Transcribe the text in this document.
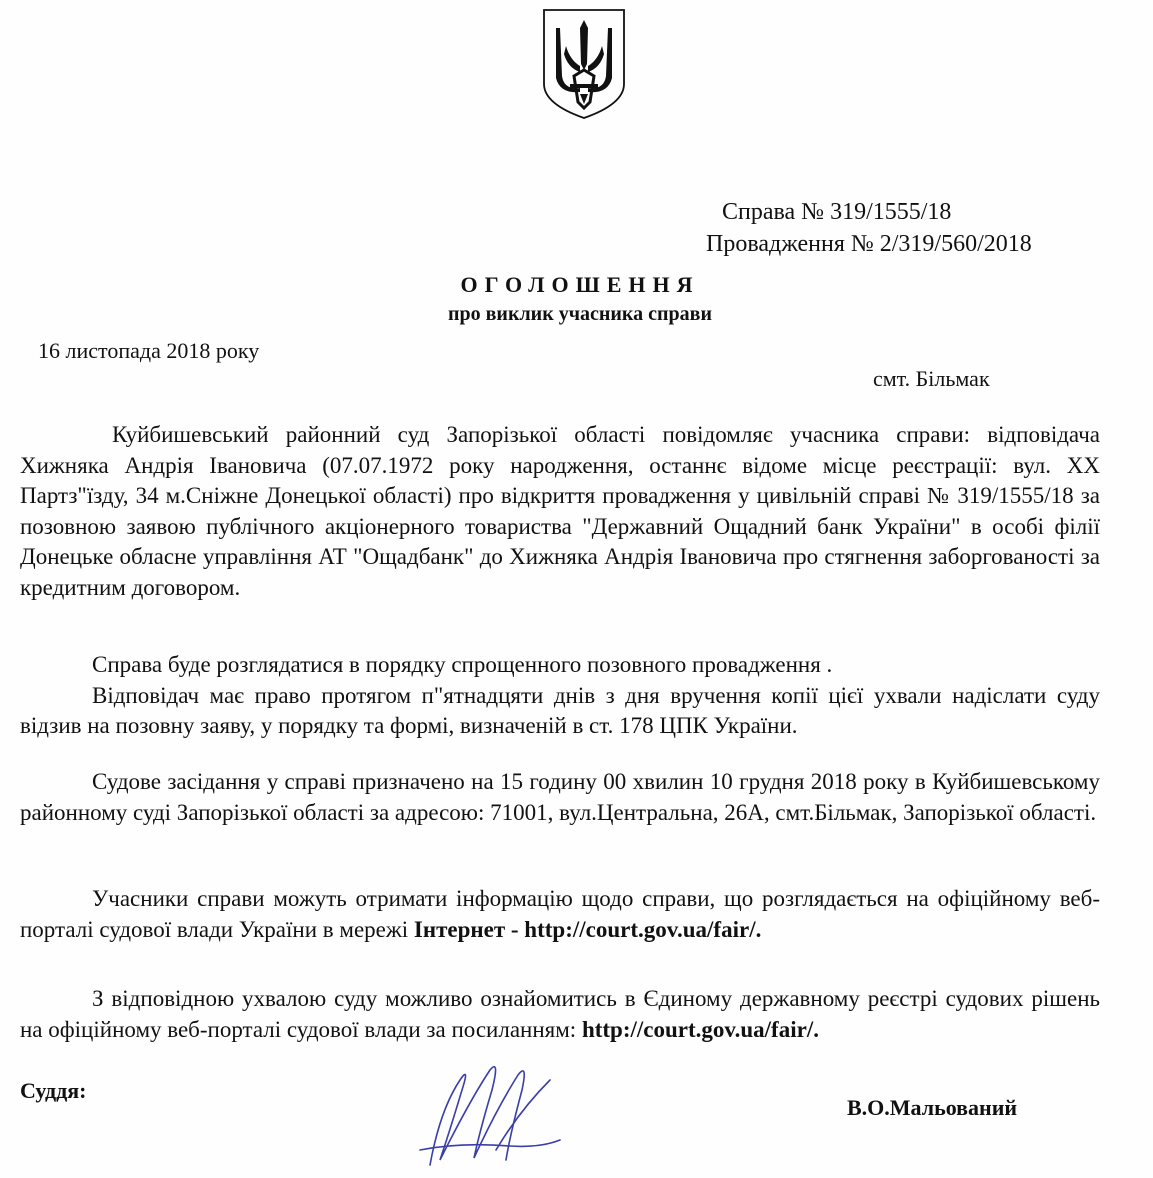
Справа № 319/1555/18
Провадження № 2/319/560/2018
ОГОЛОШЕННЯ
про виклик учасника справи
16 листопада 2018 року
смт. Більмак
Куйбишевський районний суд Запорізької області повідомляє учасника справи: відповідача Хижняка Андрія Івановича (07.07.1972 року народження, останнє відоме місце реєстрації: вул. XX Партз"їзду, 34 м.Сніжне Донецької області) про відкриття провадження у цивільній справі № 319/1555/18 за позовною заявою публічного акціонерного товариства "Державний Ощадний банк України" в особі філії Донецьке обласне управління АТ "Ощадбанк" до Хижняка Андрія Івановича про стягнення заборгованості за кредитним договором.
Справа буде розглядатися в порядку спрощенного позовного провадження .
Відповідач має право протягом п"ятнадцяти днів з дня вручення копії цієї ухвали надіслати суду відзив на позовну заяву, у порядку та формі, визначеній в ст. 178 ЦПК України.
Судове засідання у справі призначено на 15 годину 00 хвилин 10 грудня 2018 року в Куйбишевському районному суді Запорізької області за адресою: 71001, вул.Центральна, 26А, смт.Більмак, Запорізької області.
Учасники справи можуть отримати інформацію щодо справи, що розглядається на офіційному веб-порталі судової влади України в мережі Інтернет - http://court.gov.ua/fair/.
З відповідною ухвалою суду можливо ознайомитись в Єдиному державному реєстрі судових рішень на офіційному веб-порталі судової влади за посиланням: http://court.gov.ua/fair/.
Суддя:
В.О.Мальований
